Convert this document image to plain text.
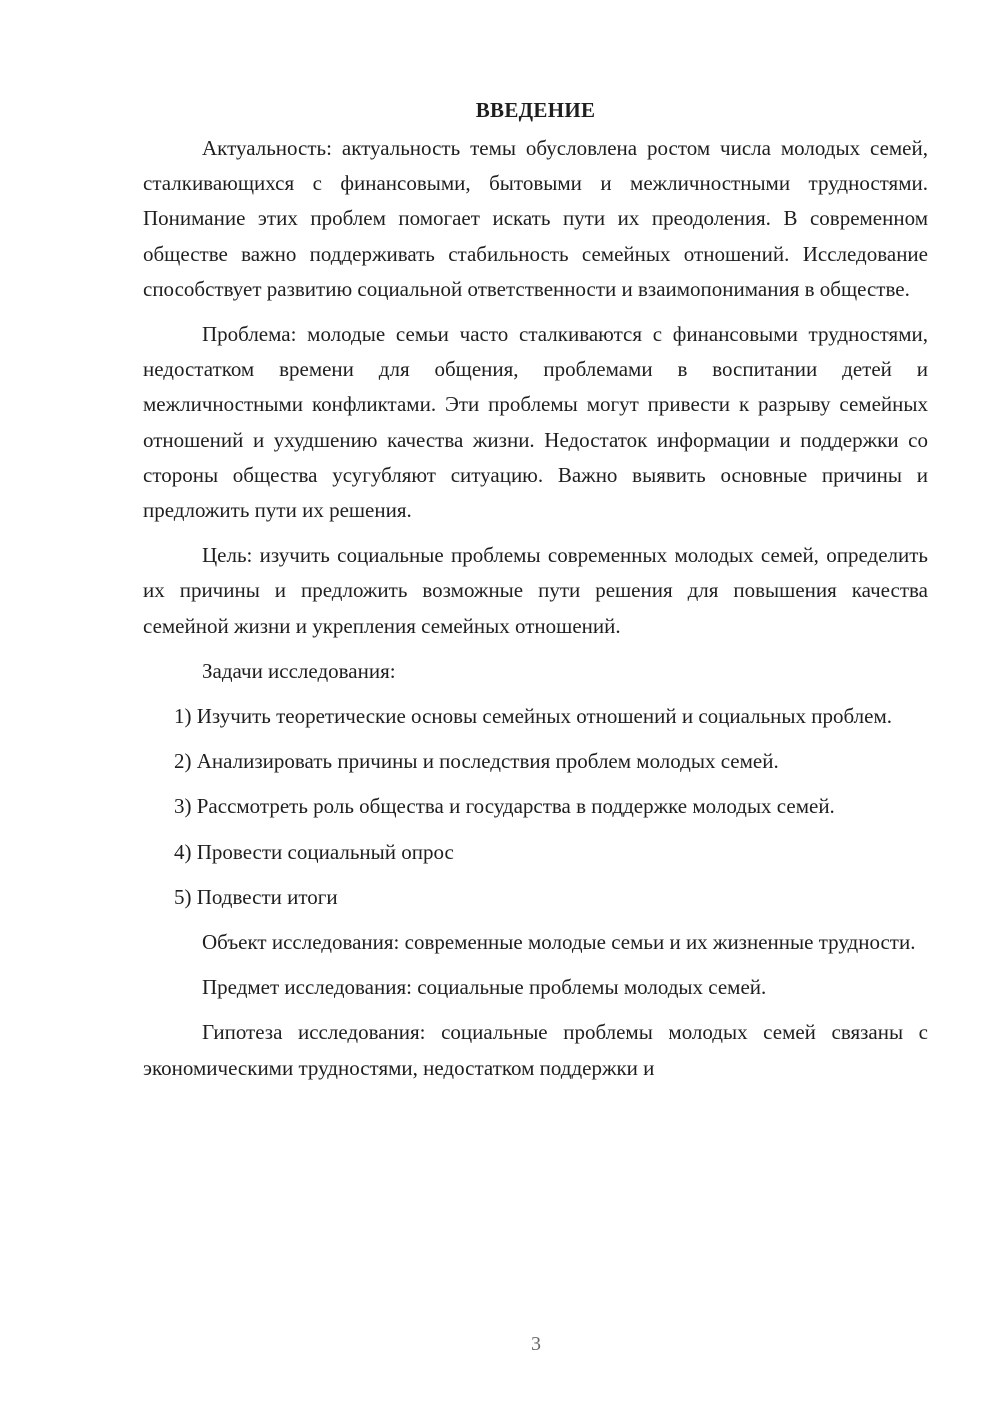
ВВЕДЕНИЕ

Актуальность: актуальность темы обусловлена ростом числа молодых семей, сталкивающихся с финансовыми, бытовыми и межличностными трудностями. Понимание этих проблем помогает искать пути их преодоления. В современном обществе важно поддерживать стабильность семейных отношений. Исследование способствует развитию социальной ответственности и взаимопонимания в обществе.

Проблема: молодые семьи часто сталкиваются с финансовыми трудностями, недостатком времени для общения, проблемами в воспитании детей и межличностными конфликтами. Эти проблемы могут привести к разрыву семейных отношений и ухудшению качества жизни. Недостаток информации и поддержки со стороны общества усугубляют ситуацию. Важно выявить основные причины и предложить пути их решения.

Цель: изучить социальные проблемы современных молодых семей, определить их причины и предложить возможные пути решения для повышения качества семейной жизни и укрепления семейных отношений.

Задачи исследования:

1) Изучить теоретические основы семейных отношений и социальных проблем.

2) Анализировать причины и последствия проблем молодых семей.

3) Рассмотреть роль общества и государства в поддержке молодых семей.

4) Провести социальный опрос

5) Подвести итоги

Объект исследования: современные молодые семьи и их жизненные трудности.

Предмет исследования: социальные проблемы молодых семей.

Гипотеза исследования: социальные проблемы молодых семей связаны с экономическими трудностями, недостатком поддержки и

3
